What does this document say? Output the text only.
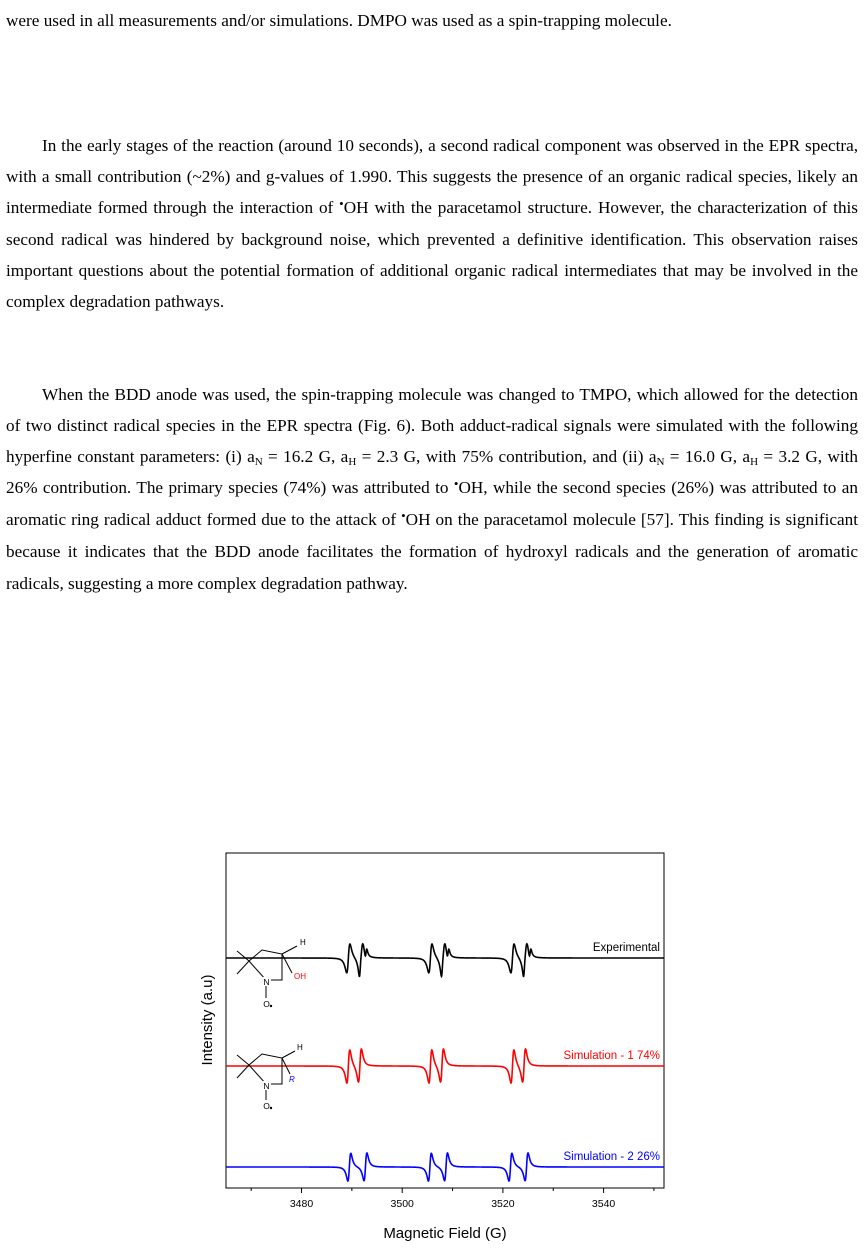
were used in all measurements and/or simulations. DMPO was used as a spin-trapping molecule.

In the early stages of the reaction (around 10 seconds), a second radical component was observed in the EPR spectra, with a small contribution (~2%) and g-values of 1.990. This suggests the presence of an organic radical species, likely an intermediate formed through the interaction of •OH with the paracetamol structure. However, the characterization of this second radical was hindered by background noise, which prevented a definitive identification. This observation raises important questions about the potential formation of additional organic radical intermediates that may be involved in the complex degradation pathways.

When the BDD anode was used, the spin-trapping molecule was changed to TMPO, which allowed for the detection of two distinct radical species in the EPR spectra (Fig. 6). Both adduct-radical signals were simulated with the following hyperfine constant parameters: (i) $a_N = 16.2$ G, $a_H = 2.3$ G, with 75% contribution, and (ii) $a_N = 16.0$ G, $a_H = 3.2$ G, with 26% contribution. The primary species (74%) was attributed to •OH, while the second species (26%) was attributed to an aromatic ring radical adduct formed due to the attack of •OH on the paracetamol molecule [57]. This finding is significant because it indicates that the BDD anode facilitates the formation of hydroxyl radicals and the generation of aromatic radicals, suggesting a more complex degradation pathway.

3480	3500	3520	3540
Experimental
Simulation - 1 74%
Simulation - 2 26%
N
H
OH
O
N
H
R
O
Intensity (a.u)
Magnetic Field (G)
